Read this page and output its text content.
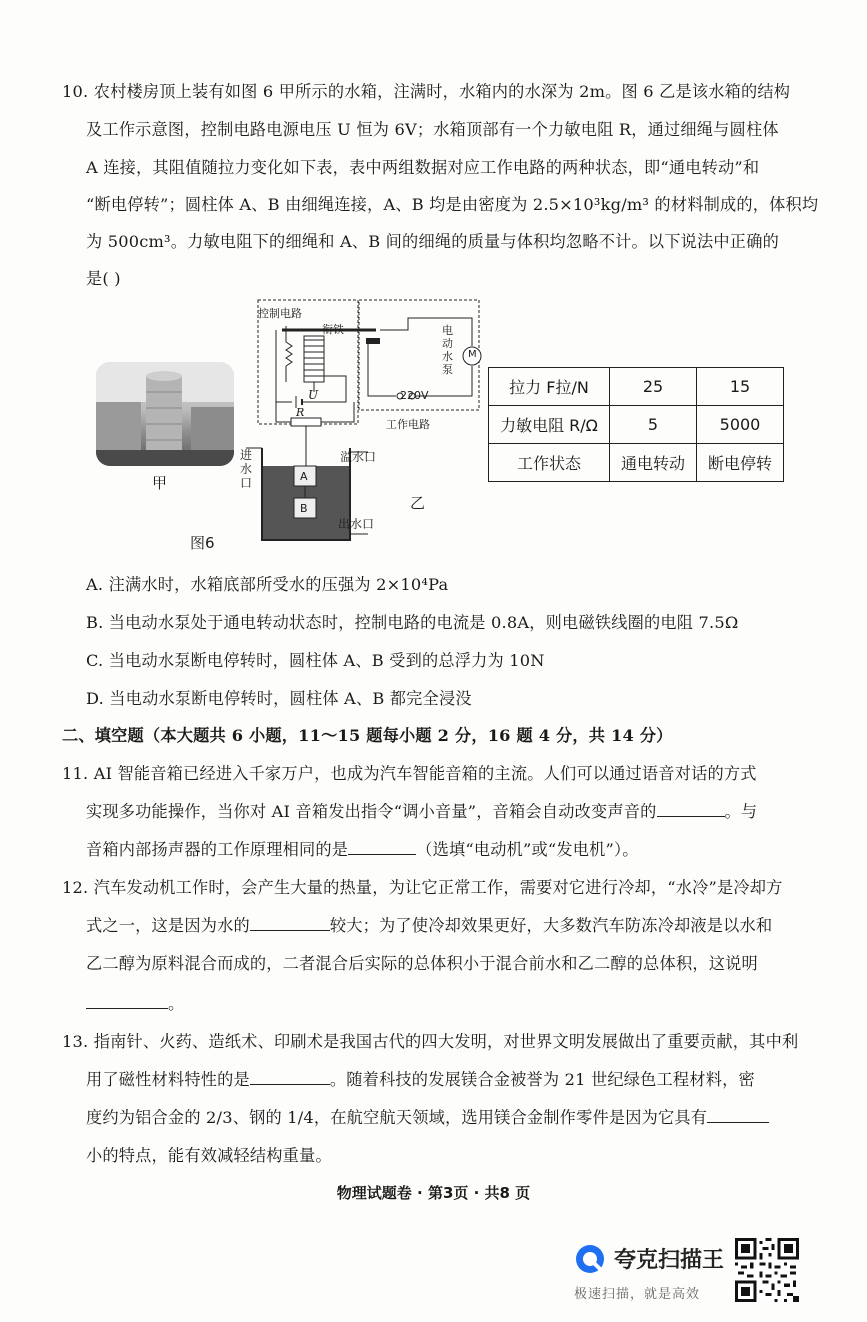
10. 农村楼房顶上装有如图 6 甲所示的水箱，注满时，水箱内的水深为 2m。图 6 乙是该水箱的结构
及工作示意图，控制电路电源电压 U 恒为 6V；水箱顶部有一个力敏电阻 R，通过细绳与圆柱体
A 连接，其阻值随拉力变化如下表，表中两组数据对应工作电路的两种状态，即“通电转动”和
“断电停转”；圆柱体 A、B 由细绳连接，A、B 均是由密度为 2.5×10³kg/m³ 的材料制成的，体积均
为 500cm³。力敏电阻下的细绳和 A、B 间的细绳的质量与体积均忽略不计。以下说法中正确的
是( )
甲
图6
控制电路
衔铁	电动水泵
M
U
R
220V
工作电路
进水口
溢水口
出水口
A
B	乙
拉力 F拉/N	25	15
力敏电阻 R/Ω	5	5000
工作状态	通电转动	断电停转
A. 注满水时，水箱底部所受水的压强为 2×10⁴Pa
B. 当电动水泵处于通电转动状态时，控制电路的电流是 0.8A，则电磁铁线圈的电阻 7.5Ω
C. 当电动水泵断电停转时，圆柱体 A、B 受到的总浮力为 10N
D. 当电动水泵断电停转时，圆柱体 A、B 都完全浸没
二、填空题（本大题共 6 小题，11～15 题每小题 2 分，16 题 4 分，共 14 分）
11. AI 智能音箱已经进入千家万户，也成为汽车智能音箱的主流。人们可以通过语音对话的方式
实现多功能操作，当你对 AI 音箱发出指令“调小音量”，音箱会自动改变声音的	。与
音箱内部扬声器的工作原理相同的是	（选填“电动机”或“发电机”）。
12. 汽车发动机工作时，会产生大量的热量，为让它正常工作，需要对它进行冷却，“水冷”是冷却方
式之一，这是因为水的	较大；为了使冷却效果更好，大多数汽车防冻冷却液是以水和
乙二醇为原料混合而成的，二者混合后实际的总体积小于混合前水和乙二醇的总体积，这说明
。
13. 指南针、火药、造纸术、印刷术是我国古代的四大发明，对世界文明发展做出了重要贡献，其中利
用了磁性材料特性的是	。随着科技的发展镁合金被誉为 21 世纪绿色工程材料，密
度约为铝合金的 2/3、钢的 1/4，在航空航天领域，选用镁合金制作零件是因为它具有
小的特点，能有效减轻结构重量。
物理试题卷 · 第3页 · 共8 页
夸克扫描王
极速扫描，就是高效
